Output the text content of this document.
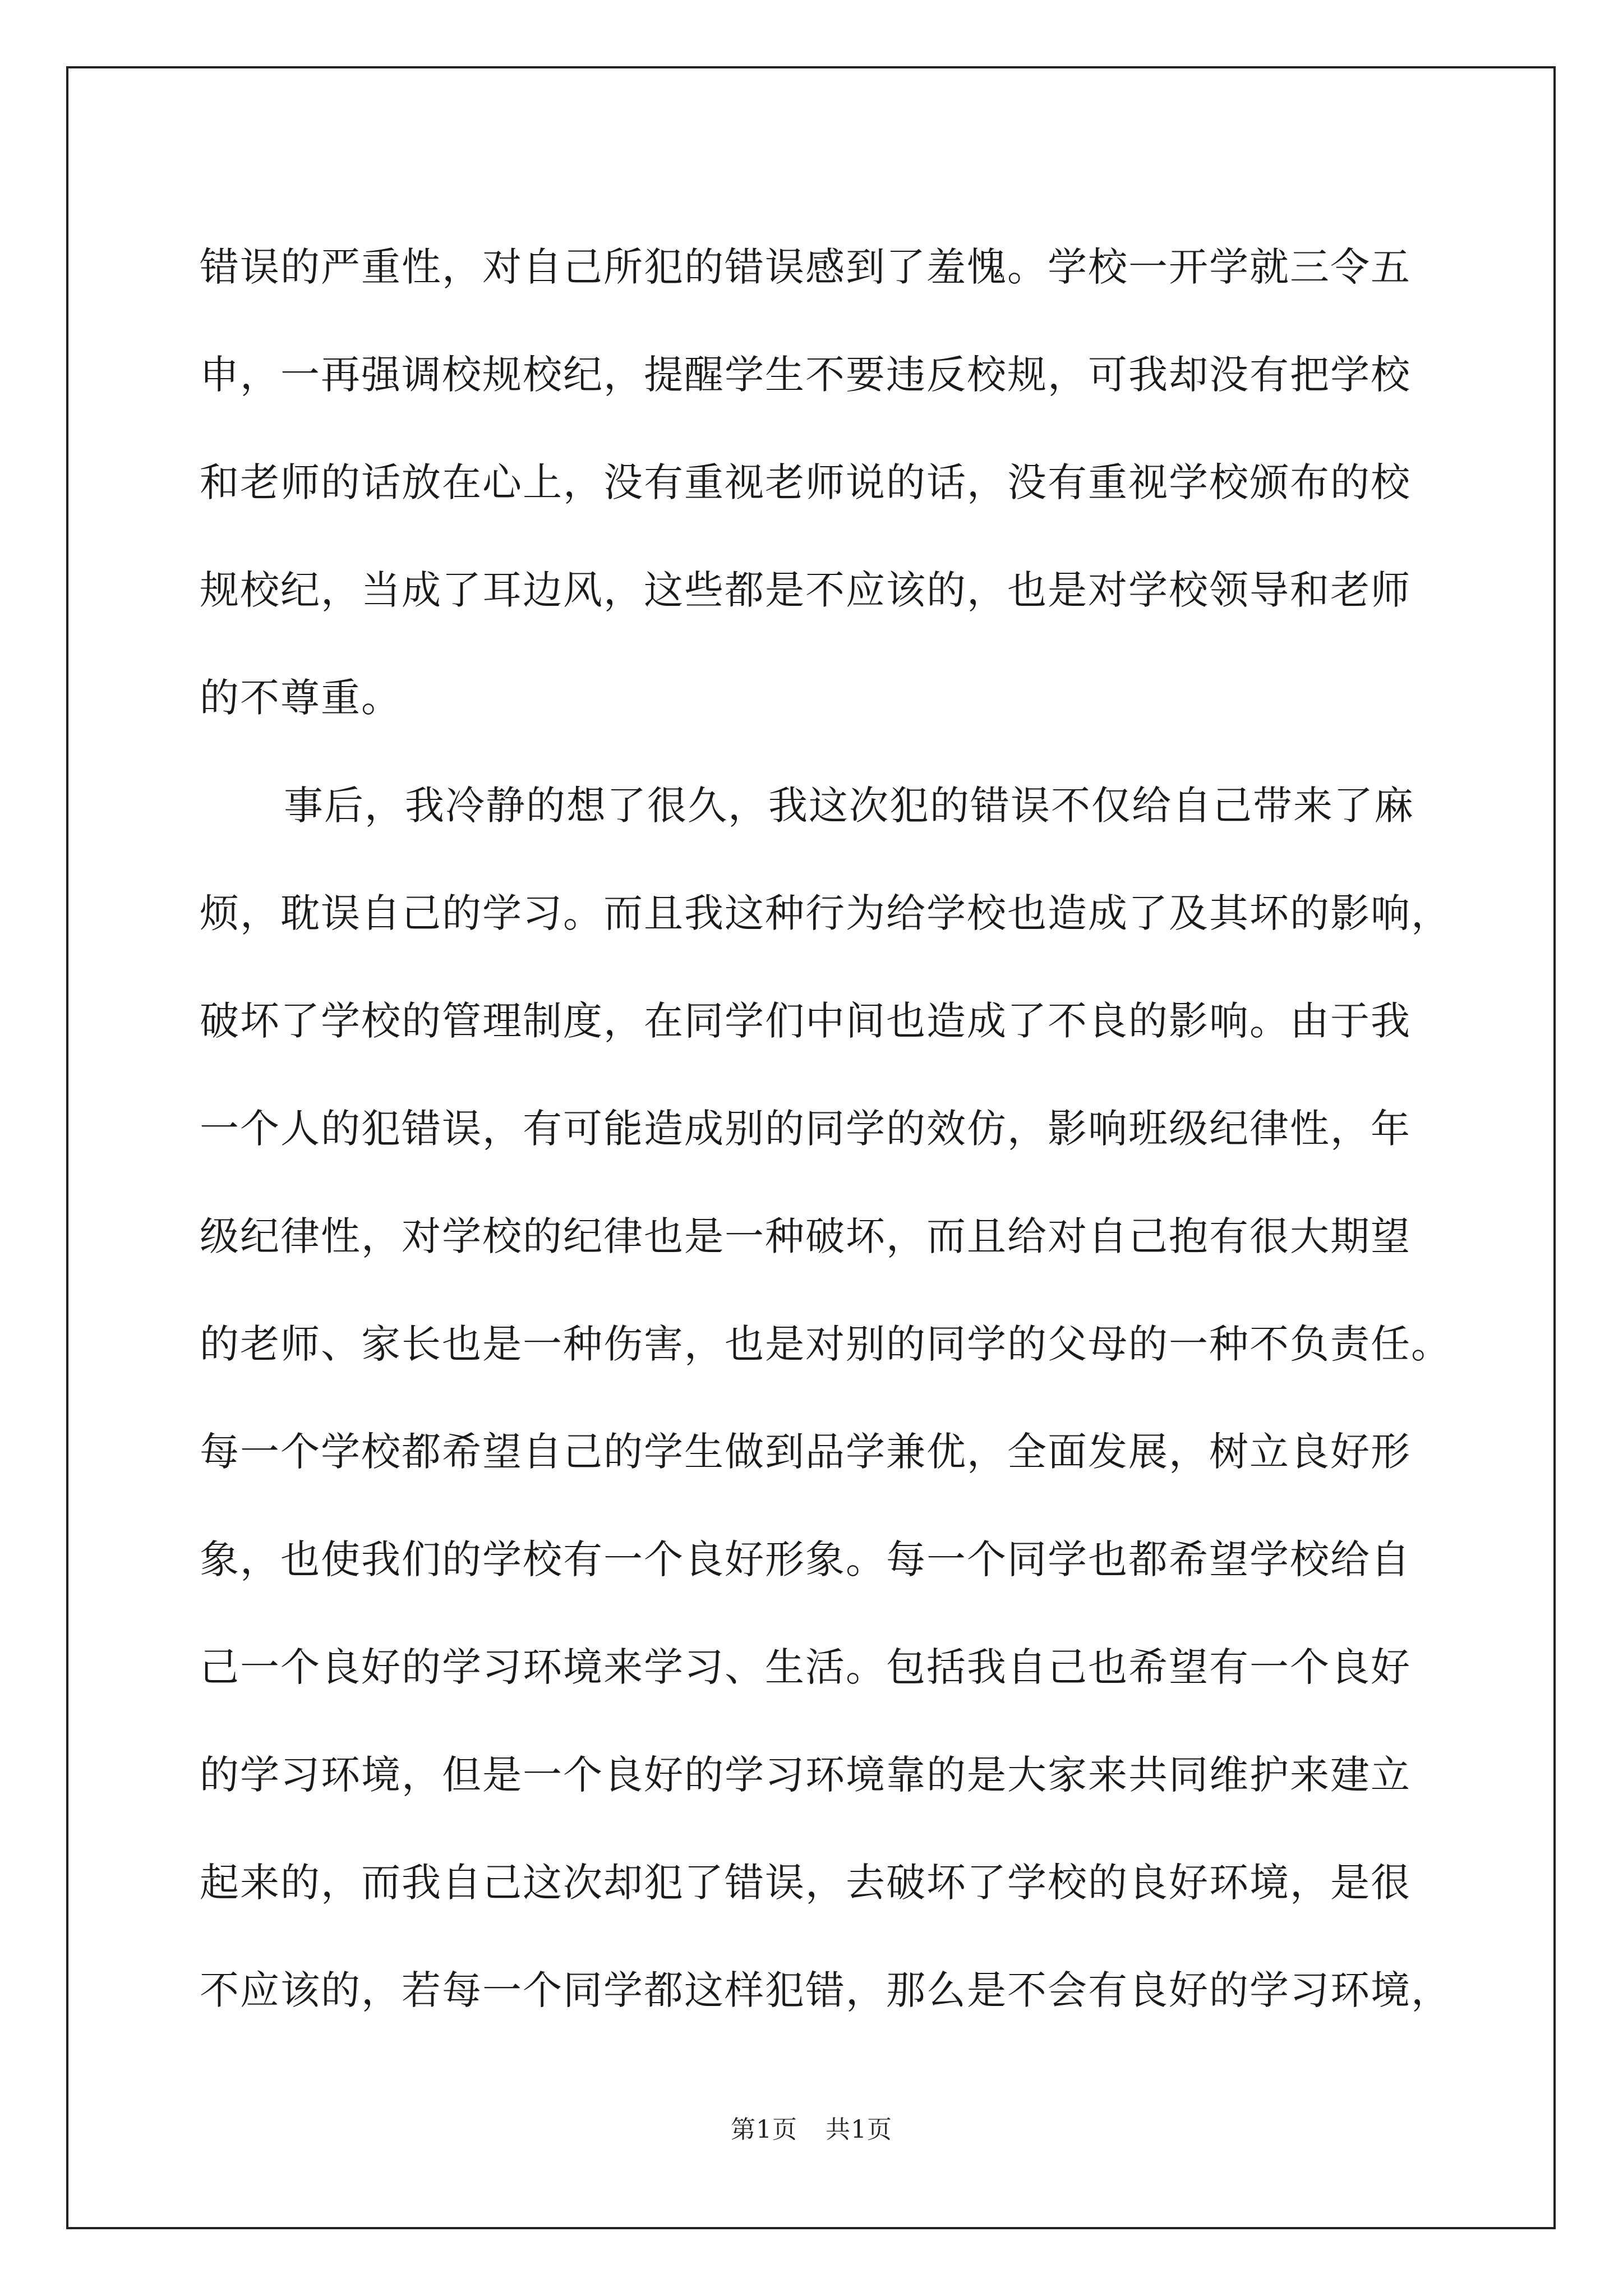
错误的严重性，对自己所犯的错误感到了羞愧。学校一开学就三令五
申，一再强调校规校纪，提醒学生不要违反校规，可我却没有把学校
和老师的话放在心上，没有重视老师说的话，没有重视学校颁布的校
规校纪，当成了耳边风，这些都是不应该的，也是对学校领导和老师
的不尊重。

事后，我冷静的想了很久，我这次犯的错误不仅给自己带来了麻
烦，耽误自己的学习。而且我这种行为给学校也造成了及其坏的影响，
破坏了学校的管理制度，在同学们中间也造成了不良的影响。由于我
一个人的犯错误，有可能造成别的同学的效仿，影响班级纪律性，年
级纪律性，对学校的纪律也是一种破坏，而且给对自己抱有很大期望
的老师、家长也是一种伤害，也是对别的同学的父母的一种不负责任。
每一个学校都希望自己的学生做到品学兼优，全面发展，树立良好形
象，也使我们的学校有一个良好形象。每一个同学也都希望学校给自
己一个良好的学习环境来学习、生活。包括我自己也希望有一个良好
的学习环境，但是一个良好的学习环境靠的是大家来共同维护来建立
起来的，而我自己这次却犯了错误，去破坏了学校的良好环境，是很
不应该的，若每一个同学都这样犯错，那么是不会有良好的学习环境，

第1页 共1页
